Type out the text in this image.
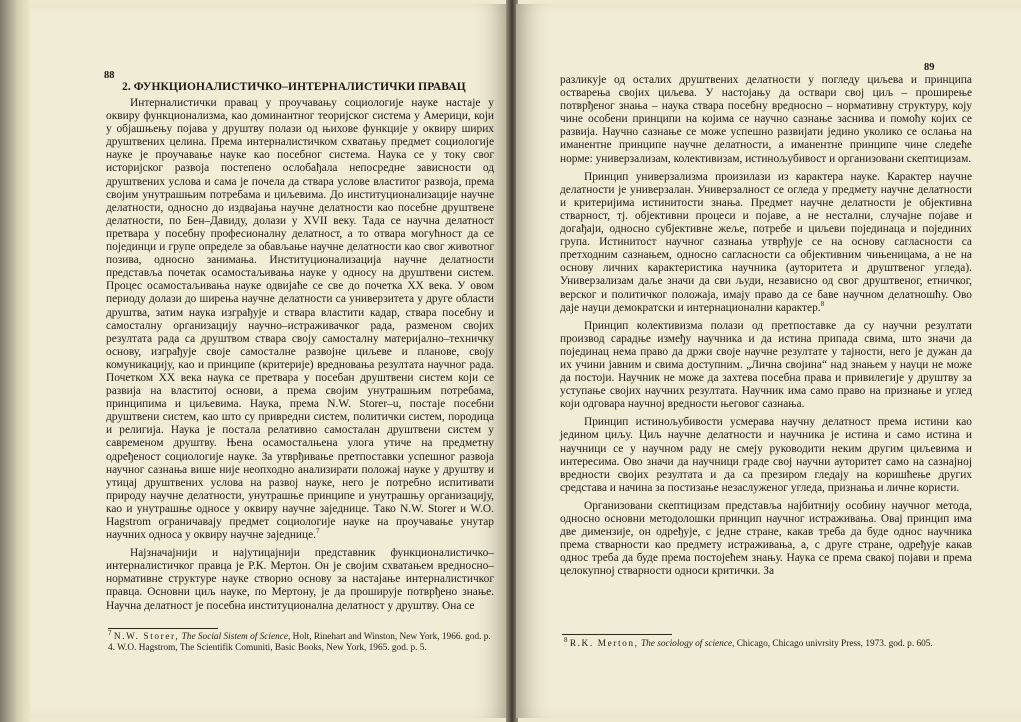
88
2. ФУНКЦИОНАЛИСТИЧКО–ИНТЕРНАЛИСТИЧКИ ПРАВАЦ

Интерналистички правац у проучавању социологије науке настаје у оквиру функционализма, као доминантног теоријског система у Америци, који у објашњењу појава у друштву полази од њихове функције у оквиру ширих друштвених целина. Према интерналистичком схватању предмет социологије науке је проучавање науке као посебног система. Наука се у току свог историјског развоја постепено ослобађала непосредне зависности од друштвених услова и сама је почела да ствара услове властитог развоја, према својим унутрашњим потребама и циљевима. До институционализације научне делатности, односно до издвајања научне делатности као посебне друштвене делатности, по Бен–Давиду, долази у XVII веку. Тада се научна делатност претвара у посебну професионалну делатност, а то отвара могућност да се појединци и групе определе за обављање научне делатности као свог животног позива, односно занимања. Институционализација научне делатности представља почетак осамостаљивања науке у односу на друштвени систем. Процес осамостаљивања науке одвијаће се све до почетка XX века. У овом периоду долази до ширења научне делатности са универзитета у друге области друштва, затим наука изграђује и ствара властити кадар, ствара посебну и самосталну организацију научно–истраживачког рада, разменом својих резултата рада са друштвом ствара своју самосталну материјално–техничку основу, изграђује своје самосталне развојне циљеве и планове, своју комуникацију, као и принципе (критерије) вредновања резултата научног рада. Почетком XX века наука се претвара у посебан друштвени систем који се развија на властитој основи, а према својим унутрашњим потребама, принципима и циљевима. Наука, према N.W. Storer–u, постаје посебни друштвени систем, као што су привредни систем, политички систем, породица и религија. Наука је постала релативно самосталан друштвени систем у савременом друштву. Њена осамосталњена улога утиче на предметну одређеност социологије науке. За утврђивање претпоставки успешног развоја научног сазнања више није неопходно анализирати положај науке у друштву и утицај друштвених услова на развој науке, него је потребно испитивати природу научне делатности, унутрашње принципе и унутрашњу организацију, као и унутрашње односе у оквиру научне заједнице. Тако N.W. Storer и W.O. Hagstrom ограничавају предмет социологије науке на проучавање унутар научних односа у оквиру научне заједнице.$^7$

Најзначајнији и најутицајнији представник функционалистичко–интерналистичког правца је Р.К. Мертон. Он је својим схватањем вредносно–нормативне структуре науке створио основу за настајање интерналистичког правца. Основни циљ науке, по Мертону, је да проширује потврђено знање. Научна делатност је посебна институционална делатност у друштву. Она се

$^7$ N.W. Storer, The Social Sistem of Science, Holt, Rinehart and Winston, New York, 1966. god. p. 4. W.O. Hagstrom, The Scientifik Comuniti, Basic Books, New York, 1965. god. p. 5.
89

разликује од осталих друштвених делатности у погледу циљева и принципа остварења својих циљева. У настојању да оствари свој циљ – проширење потврђеног знања – наука ствара посебну вредносно – нормативну структуру, коју чине особени принципи на којима се научно сазнање заснива и помоћу којих се развија. Научно сазнање се може успешно развијати једино уколико се ослања на иманентне принципе научне делатности, а иманентне принципе чине следеће норме: универзализам, колективизам, истинољубивост и организовани скептицизам.

Принцип универзализма произилази из карактера науке. Карактер научне делатности је универзалан. Универзалност се огледа у предмету научне делатности и критеријима истинитости знања. Предмет научне делатности је објективна стварност, тј. објективни процеси и појаве, а не нестални, случајне појаве и догађаји, односно субјективне жеље, потребе и циљеви појединаца и појединих група. Истинитост научног сазнања утврђује се на основу сагласности са претходним сазнањем, односно сагласности са објективним чињеницама, а не на основу личних карактеристика научника (ауторитета и друштвеног угледа). Универзализам даље значи да сви људи, независно од свог друштвеног, етничког, верског и политичког положаја, имају право да се баве научном делатношћу. Ово даје науци демократски и интернационални карактер.$^8$

Принцип колективизма полази од претпоставке да су научни резултати производ сарадње између научника и да истина припада свима, што значи да појединац нема право да држи своје научне резултате у тајности, него је дужан да их учини јавним и свима доступним. „Лична својина“ над знањем у науци не може да постоји. Научник не може да захтева посебна права и привилегије у друштву за уступање својих научних резултата. Научник има само право на признање и углед који одговара научној вредности његовог сазнања.

Принцип истинољубивости усмерава научну делатност према истини као једином циљу. Циљ научне делатности и научника је истина и само истина и научници се у научном раду не смеју руководити неким другим циљевима и интересима. Ово значи да научници граде свој научни ауторитет само на сазнајној вредности својих резултата и да са презиром гледају на коришћење других средстава и начина за постизање незаслуженог угледа, признања и личне користи.

Организовани скептицизам представља најбитнију особину научног метода, односно основни методолошки принцип научног истраживања. Овај принцип има две димензије, он одређује, с једне стране, какав треба да буде однос научника према стварности као предмету истраживања, а, с друге стране, одређује какав однос треба да буде према постојећем знању. Наука се према свакој појави и према целокупној стварности односи критички. За

$^8$ R.K. Merton, The sociology of science, Chicago, Chicago univrsity Press, 1973. god. p. 605.
